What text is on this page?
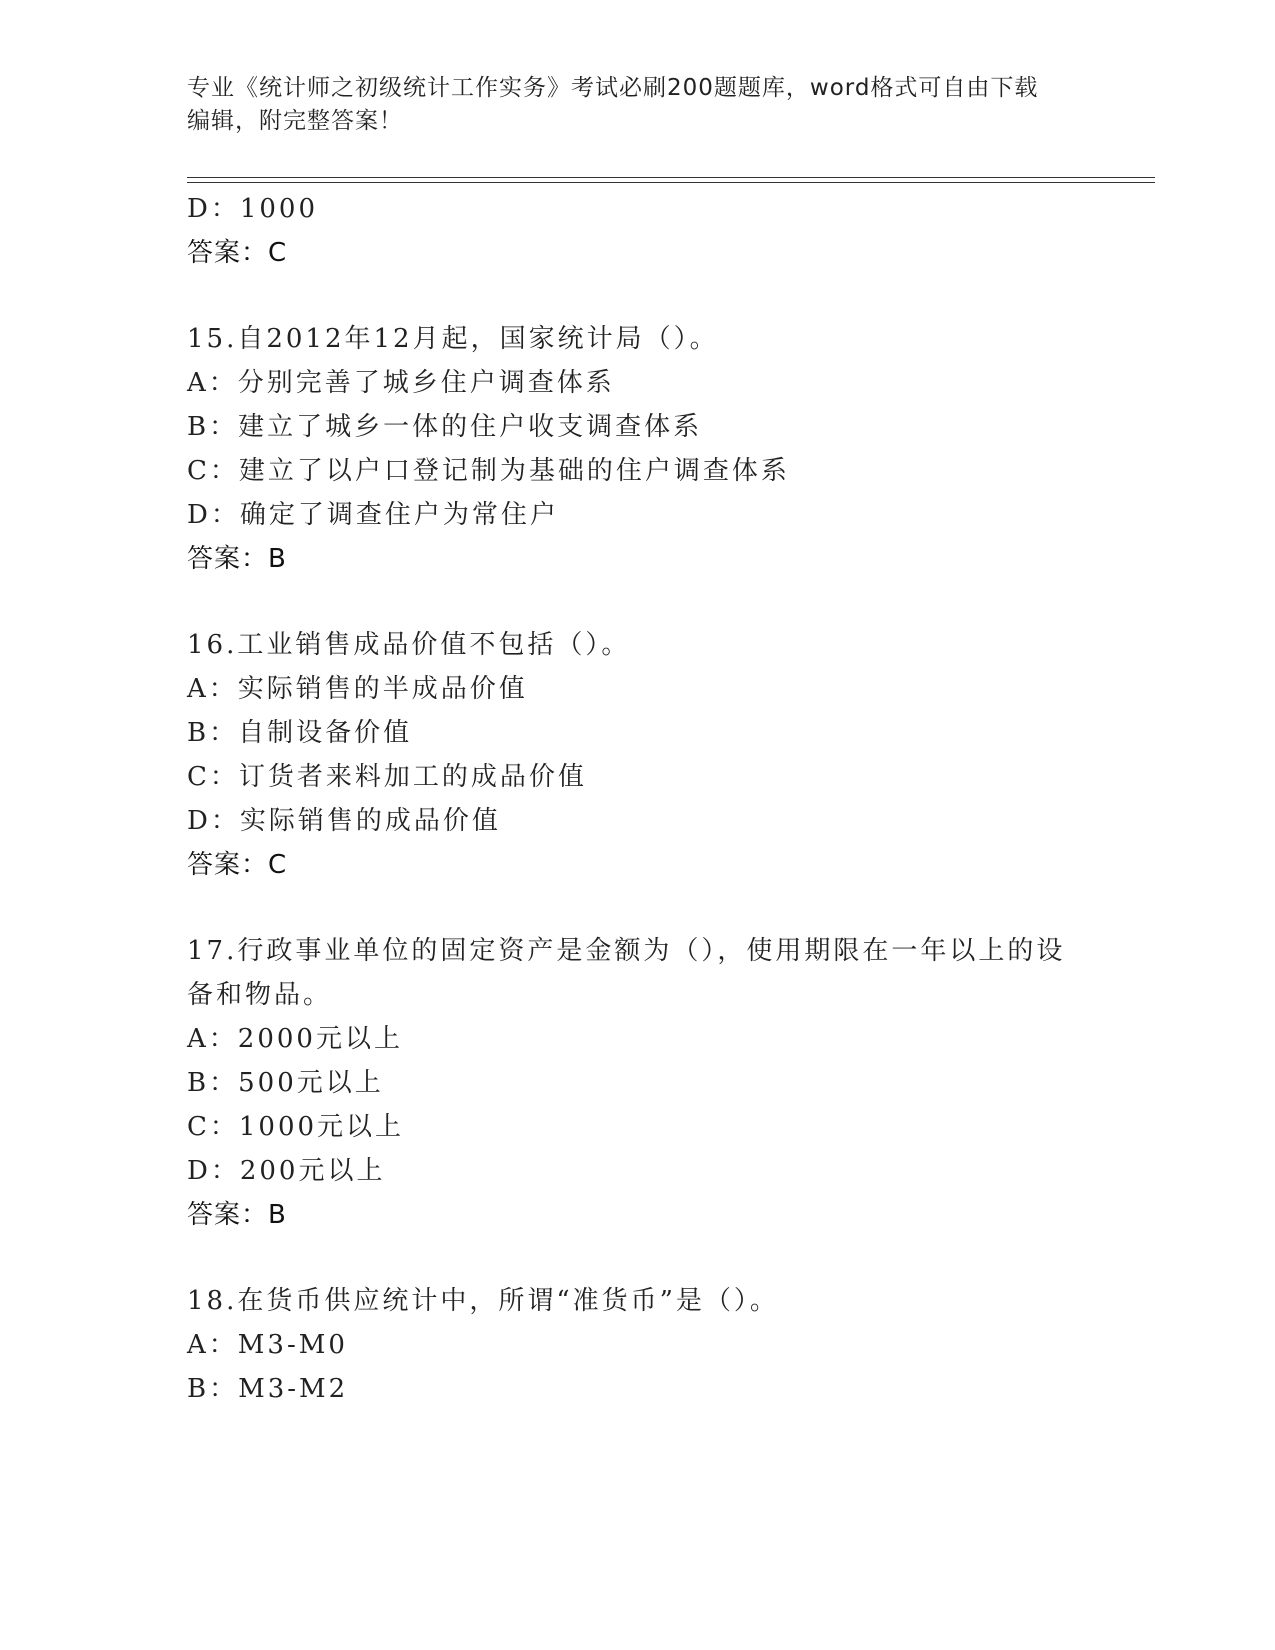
专业《统计师之初级统计工作实务》考试必刷200题题库，word格式可自由下载
编辑，附完整答案！
D：1000
答案：C
15.自2012年12月起，国家统计局（）。
A：分别完善了城乡住户调查体系
B：建立了城乡一体的住户收支调查体系
C：建立了以户口登记制为基础的住户调查体系
D：确定了调查住户为常住户
答案：B
16.工业销售成品价值不包括（）。
A：实际销售的半成品价值
B：自制设备价值
C：订货者来料加工的成品价值
D：实际销售的成品价值
答案：C
17.行政事业单位的固定资产是金额为（），使用期限在一年以上的设
备和物品。
A：2000元以上
B：500元以上
C：1000元以上
D：200元以上
答案：B
18.在货币供应统计中，所谓“准货币”是（）。
A：M3-M0
B：M3-M2
